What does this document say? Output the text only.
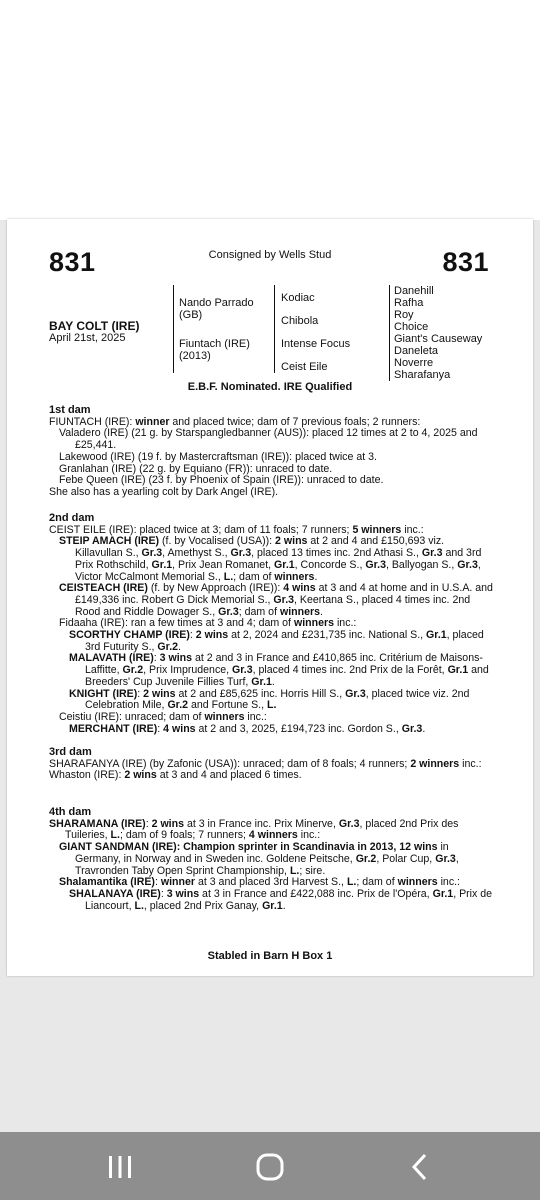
831	Consigned by Wells Stud	831
BAY COLT (IRE)
April 21st, 2025
Nando Parrado (GB)
Fiuntach (IRE) (2013)
Kodiac
Chibola
Intense Focus
Ceist Eile
Danehill
Rafha
Roy
Choice
Giant's Causeway
Daneleta
Noverre
Sharafanya
E.B.F. Nominated. IRE Qualified

1st dam

FIUNTACH (IRE): winner and placed twice; dam of 7 previous foals; 2 runners:

Valadero (IRE) (21 g. by Starspangledbanner (AUS)): placed 12 times at 2 to 4, 2025 and £25,441.

Lakewood (IRE) (19 f. by Mastercraftsman (IRE)): placed twice at 3.

Granlahan (IRE) (22 g. by Equiano (FR)): unraced to date.

Febe Queen (IRE) (23 f. by Phoenix of Spain (IRE)): unraced to date.

She also has a yearling colt by Dark Angel (IRE).

2nd dam

CEIST EILE (IRE): placed twice at 3; dam of 11 foals; 7 runners; 5 winners inc.:

STEIP AMACH (IRE) (f. by Vocalised (USA)): 2 wins at 2 and 4 and £150,693 viz. Killavullan S., Gr.3, Amethyst S., Gr.3, placed 13 times inc. 2nd Athasi S., Gr.3 and 3rd Prix Rothschild, Gr.1, Prix Jean Romanet, Gr.1, Concorde S., Gr.3, Ballyogan S., Gr.3, Victor McCalmont Memorial S., L.; dam of winners.

CEISTEACH (IRE) (f. by New Approach (IRE)): 4 wins at 3 and 4 at home and in U.S.A. and £149,336 inc. Robert G Dick Memorial S., Gr.3, Keertana S., placed 4 times inc. 2nd Rood and Riddle Dowager S., Gr.3; dam of winners.

Fidaaha (IRE): ran a few times at 3 and 4; dam of winners inc.:

SCORTHY CHAMP (IRE): 2 wins at 2, 2024 and £231,735 inc. National S., Gr.1, placed 3rd Futurity S., Gr.2.

MALAVATH (IRE): 3 wins at 2 and 3 in France and £410,865 inc. Critérium de Maisons-Laffitte, Gr.2, Prix Imprudence, Gr.3, placed 4 times inc. 2nd Prix de la Forêt, Gr.1 and Breeders' Cup Juvenile Fillies Turf, Gr.1.

KNIGHT (IRE): 2 wins at 2 and £85,625 inc. Horris Hill S., Gr.3, placed twice viz. 2nd Celebration Mile, Gr.2 and Fortune S., L.

Ceistiu (IRE): unraced; dam of winners inc.:

MERCHANT (IRE): 4 wins at 2 and 3, 2025, £194,723 inc. Gordon S., Gr.3.

3rd dam

SHARAFANYA (IRE) (by Zafonic (USA)): unraced; dam of 8 foals; 4 runners; 2 winners inc.:

Whaston (IRE): 2 wins at 3 and 4 and placed 6 times.

4th dam

SHARAMANA (IRE): 2 wins at 3 in France inc. Prix Minerve, Gr.3, placed 2nd Prix des Tuileries, L.; dam of 9 foals; 7 runners; 4 winners inc.:

GIANT SANDMAN (IRE): Champion sprinter in Scandinavia in 2013, 12 wins in Germany, in Norway and in Sweden inc. Goldene Peitsche, Gr.2, Polar Cup, Gr.3, Travronden Taby Open Sprint Championship, L.; sire.

Shalamantika (IRE): winner at 3 and placed 3rd Harvest S., L.; dam of winners inc.:

SHALANAYA (IRE): 3 wins at 3 in France and £422,088 inc. Prix de l'Opéra, Gr.1, Prix de Liancourt, L., placed 2nd Prix Ganay, Gr.1.

Stabled in Barn H Box 1
